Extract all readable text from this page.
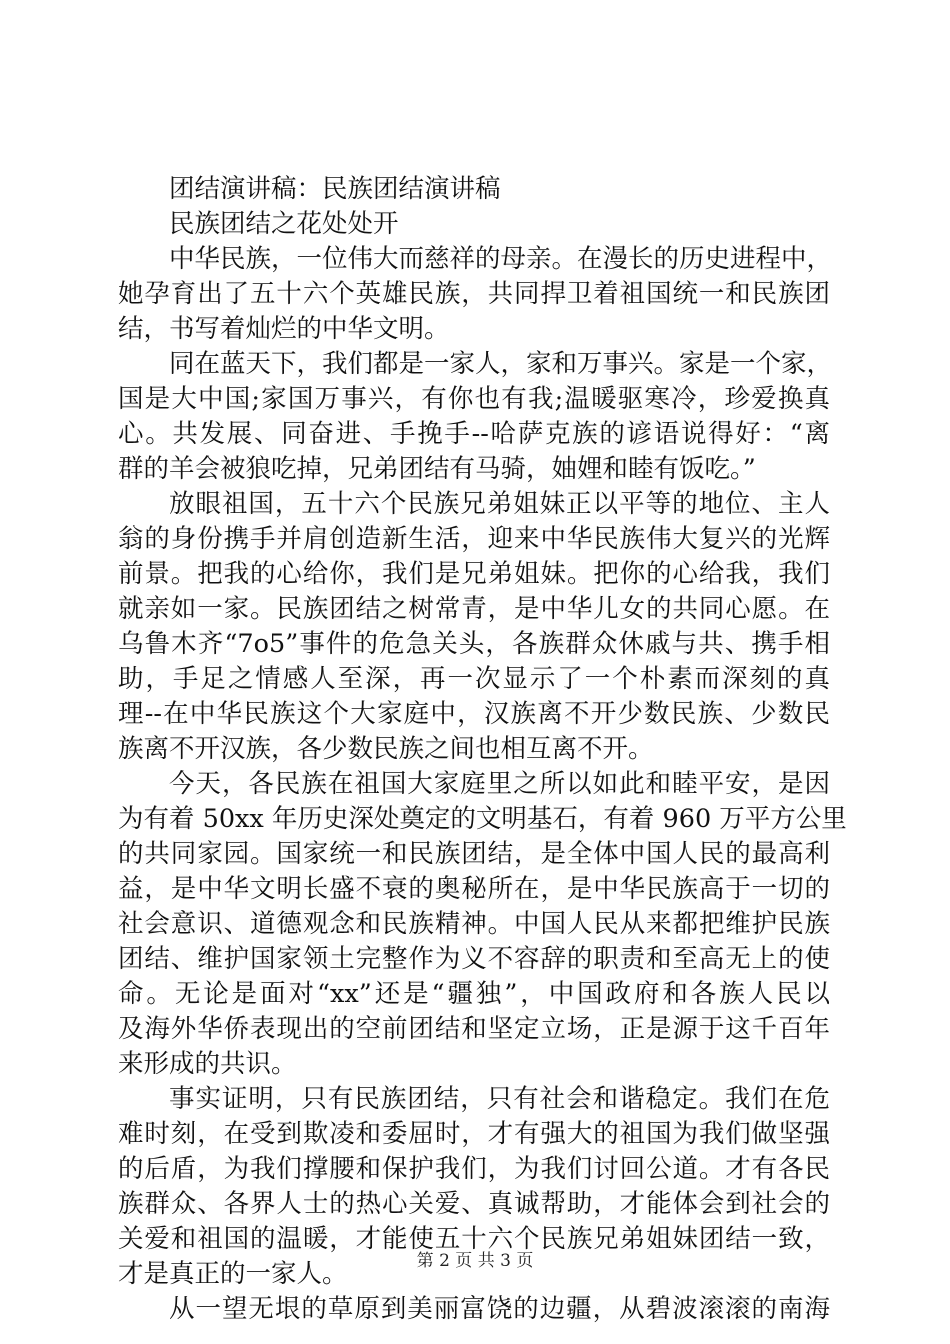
团结演讲稿：民族团结演讲稿
民族团结之花处处开
中华民族，一位伟大而慈祥的母亲。在漫长的历史进程中，
她孕育出了五十六个英雄民族，共同捍卫着祖国统一和民族团
结，书写着灿烂的中华文明。
同在蓝天下，我们都是一家人，家和万事兴。家是一个家，
国是大中国;家国万事兴，有你也有我;温暖驱寒冷，珍爱换真
心。共发展、同奋进、手挽手--哈萨克族的谚语说得好：“离
群的羊会被狼吃掉，兄弟团结有马骑，妯娌和睦有饭吃。”
放眼祖国，五十六个民族兄弟姐妹正以平等的地位、主人
翁的身份携手并肩创造新生活，迎来中华民族伟大复兴的光辉
前景。把我的心给你，我们是兄弟姐妹。把你的心给我，我们
就亲如一家。民族团结之树常青，是中华儿女的共同心愿。在
乌鲁木齐“7o5”事件的危急关头，各族群众休戚与共、携手相
助，手足之情感人至深，再一次显示了一个朴素而深刻的真
理--在中华民族这个大家庭中，汉族离不开少数民族、少数民
族离不开汉族，各少数民族之间也相互离不开。
今天，各民族在祖国大家庭里之所以如此和睦平安，是因
为有着 50xx 年历史深处奠定的文明基石，有着 960 万平方公里
的共同家园。国家统一和民族团结，是全体中国人民的最高利
益，是中华文明长盛不衰的奥秘所在，是中华民族高于一切的
社会意识、道德观念和民族精神。中国人民从来都把维护民族
团结、维护国家领土完整作为义不容辞的职责和至高无上的使
命。无论是面对“xx”还是“疆独”，中国政府和各族人民以
及海外华侨表现出的空前团结和坚定立场，正是源于这千百年
来形成的共识。
事实证明，只有民族团结，只有社会和谐稳定。我们在危
难时刻，在受到欺凌和委屈时，才有强大的祖国为我们做坚强
的后盾，为我们撑腰和保护我们，为我们讨回公道。才有各民
族群众、各界人士的热心关爱、真诚帮助，才能体会到社会的
关爱和祖国的温暖，才能使五十六个民族兄弟姐妹团结一致，
才是真正的一家人。
从一望无垠的草原到美丽富饶的边疆，从碧波滚滚的南海
第 2 页 共 3 页
